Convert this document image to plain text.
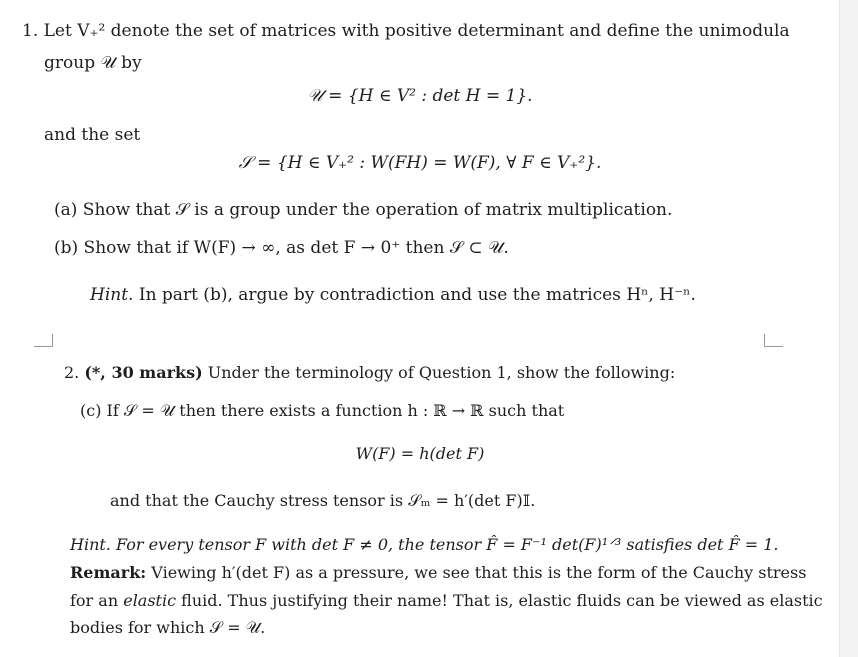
1. Let V₊² denote the set of matrices with positive determinant and define the unimodula
group 𝒰 by
𝒰 = {H ∈ V² : det H = 1}.
and the set
𝒮 = {H ∈ V₊² : W(FH) = W(F), ∀ F ∈ V₊²}.
(a) Show that 𝒮 is a group under the operation of matrix multiplication.
(b) Show that if W(F) → ∞, as det F → 0⁺ then 𝒮 ⊂ 𝒰.
Hint. In part (b), argue by contradiction and use the matrices Hⁿ, H⁻ⁿ.
2. (*, 30 marks) Under the terminology of Question 1, show the following:
(c) If 𝒮 = 𝒰 then there exists a function h : ℝ → ℝ such that
W(F) = h(det F)
and that the Cauchy stress tensor is 𝒮ₘ = h′(det F)𝕀.
Hint. For every tensor F with det F ≠ 0, the tensor F̂ = F⁻¹ det(F)¹ᐟ³ satisfies det F̂ = 1.
Remark: Viewing h′(det F) as a pressure, we see that this is the form of the Cauchy stress
for an elastic fluid. Thus justifying their name! That is, elastic fluids can be viewed as elastic
bodies for which 𝒮 = 𝒰.
